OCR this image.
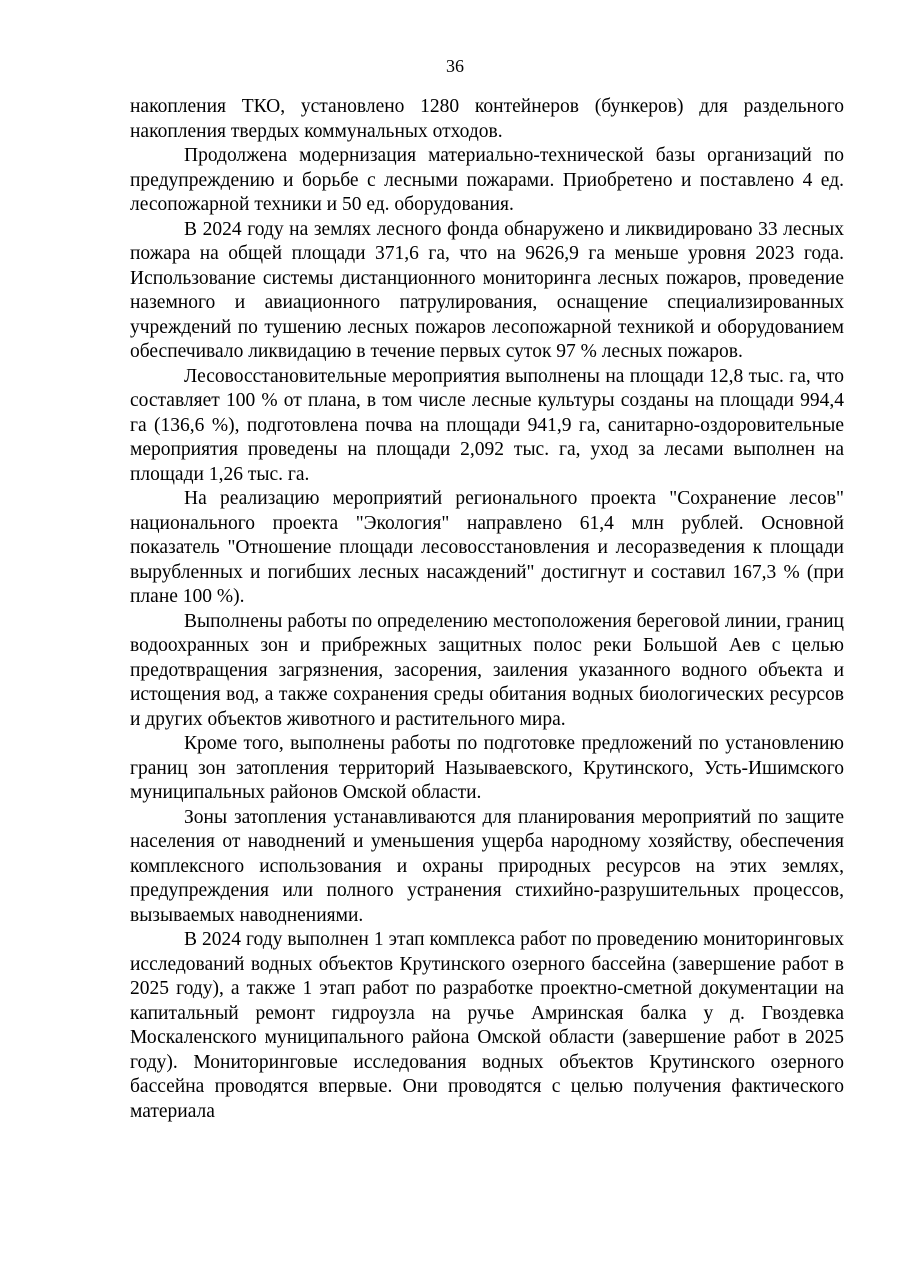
36

накопления ТКО, установлено 1280 контейнеров (бункеров) для раздельного накопления твердых коммунальных отходов.

Продолжена модернизация материально-технической базы организаций по предупреждению и борьбе с лесными пожарами. Приобретено и поставлено 4 ед. лесопожарной техники и 50 ед. оборудования.

В 2024 году на землях лесного фонда обнаружено и ликвидировано 33 лесных пожара на общей площади 371,6 га, что на 9626,9 га меньше уровня 2023 года. Использование системы дистанционного мониторинга лесных пожаров, проведение наземного и авиационного патрулирования, оснащение специализированных учреждений по тушению лесных пожаров лесопожарной техникой и оборудованием обеспечивало ликвидацию в течение первых суток 97 % лесных пожаров.

Лесовосстановительные мероприятия выполнены на площади 12,8 тыс. га, что составляет 100 % от плана, в том числе лесные культуры созданы на площади 994,4 га (136,6 %), подготовлена почва на площади 941,9 га, санитарно-оздоровительные мероприятия проведены на площади 2,092 тыс. га, уход за лесами выполнен на площади 1,26 тыс. га.

На реализацию мероприятий регионального проекта "Сохранение лесов" национального проекта "Экология" направлено 61,4 млн рублей. Основной показатель "Отношение площади лесовосстановления и лесоразведения к площади вырубленных и погибших лесных насаждений" достигнут и составил 167,3 % (при плане 100 %).

Выполнены работы по определению местоположения береговой линии, границ водоохранных зон и прибрежных защитных полос реки Большой Аев с целью предотвращения загрязнения, засорения, заиления указанного водного объекта и истощения вод, а также сохранения среды обитания водных биологических ресурсов и других объектов животного и растительного мира.

Кроме того, выполнены работы по подготовке предложений по установлению границ зон затопления территорий Называевского, Крутинского, Усть-Ишимского муниципальных районов Омской области.

Зоны затопления устанавливаются для планирования мероприятий по защите населения от наводнений и уменьшения ущерба народному хозяйству, обеспечения комплексного использования и охраны природных ресурсов на этих землях, предупреждения или полного устранения стихийно-разрушительных процессов, вызываемых наводнениями.

В 2024 году выполнен 1 этап комплекса работ по проведению мониторинговых исследований водных объектов Крутинского озерного бассейна (завершение работ в 2025 году), а также 1 этап работ по разработке проектно-сметной документации на капитальный ремонт гидроузла на ручье Амринская балка у д. Гвоздевка Москаленского муниципального района Омской области (завершение работ в 2025 году). Мониторинговые исследования водных объектов Крутинского озерного бассейна проводятся впервые. Они проводятся с целью получения фактического материала
